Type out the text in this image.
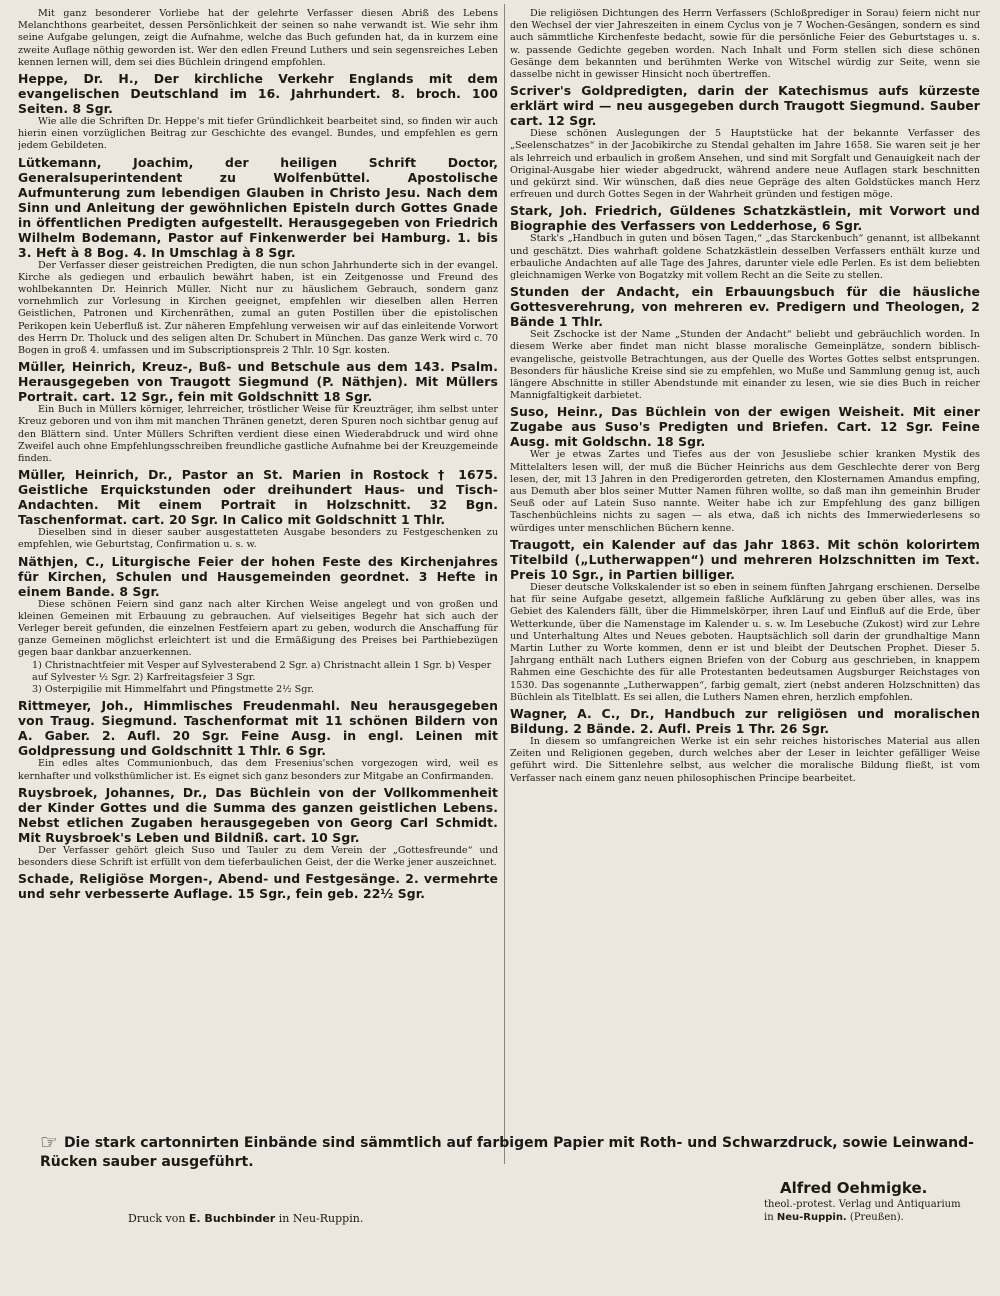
Mit ganz besonderer Vorliebe hat der gelehrte Verfasser diesen Abriß des Lebens Melanchthons gearbeitet, dessen Persönlichkeit der seinen so nahe verwandt ist. Wie sehr ihm seine Aufgabe gelungen, zeigt die Aufnahme, welche das Buch gefunden hat, da in kurzem eine zweite Auflage nöthig geworden ist. Wer den edlen Freund Luthers und sein segensreiches Leben kennen lernen will, dem sei dies Büchlein dringend empfohlen.

Heppe, Dr. H., Der kirchliche Verkehr Englands mit dem evangelischen Deutschland im 16. Jahrhundert. 8. broch. 100 Seiten. 8 Sgr.

Wie alle die Schriften Dr. Heppe's mit tiefer Gründlichkeit bearbeitet sind, so finden wir auch hierin einen vorzüglichen Beitrag zur Geschichte des evangel. Bundes, und empfehlen es gern jedem Gebildeten.

Lütkemann, Joachim, der heiligen Schrift Doctor, Generalsuperintendent zu Wolfenbüttel. Apostolische Aufmunterung zum lebendigen Glauben in Christo Jesu. Nach dem Sinn und Anleitung der gewöhnlichen Episteln durch Gottes Gnade in öffentlichen Predigten aufgestellt. Herausgegeben von Friedrich Wilhelm Bodemann, Pastor auf Finkenwerder bei Hamburg. 1. bis 3. Heft à 8 Bog. 4. In Umschlag à 8 Sgr.

Der Verfasser dieser geistreichen Predigten, die nun schon Jahrhunderte sich in der evangel. Kirche als gediegen und erbaulich bewährt haben, ist ein Zeitgenosse und Freund des wohlbekannten Dr. Heinrich Müller. Nicht nur zu häuslichem Gebrauch, sondern ganz vornehmlich zur Vorlesung in Kirchen geeignet, empfehlen wir dieselben allen Herren Geistlichen, Patronen und Kirchenräthen, zumal an guten Postillen über die epistolischen Perikopen kein Ueberfluß ist. Zur näheren Empfehlung verweisen wir auf das einleitende Vorwort des Herrn Dr. Tholuck und des seligen alten Dr. Schubert in München. Das ganze Werk wird c. 70 Bogen in groß 4. umfassen und im Subscriptionspreis 2 Thlr. 10 Sgr. kosten.

Müller, Heinrich, Kreuz-, Buß- und Betschule aus dem 143. Psalm. Herausgegeben von Traugott Siegmund (P. Näthjen). Mit Müllers Portrait. cart. 12 Sgr., fein mit Goldschnitt 18 Sgr.

Ein Buch in Müllers körniger, lehrreicher, tröstlicher Weise für Kreuzträger, ihm selbst unter Kreuz geboren und von ihm mit manchen Thränen genetzt, deren Spuren noch sichtbar genug auf den Blättern sind. Unter Müllers Schriften verdient diese einen Wiederabdruck und wird ohne Zweifel auch ohne Empfehlungsschreiben freundliche gastliche Aufnahme bei der Kreuzgemeinde finden.

Müller, Heinrich, Dr., Pastor an St. Marien in Rostock † 1675. Geistliche Erquickstunden oder dreihundert Haus- und Tisch-Andachten. Mit einem Portrait in Holzschnitt. 32 Bgn. Taschenformat. cart. 20 Sgr. In Calico mit Goldschnitt 1 Thlr.

Dieselben sind in dieser sauber ausgestatteten Ausgabe besonders zu Festgeschenken zu empfehlen, wie Geburtstag, Confirmation u. s. w.

Näthjen, C., Liturgische Feier der hohen Feste des Kirchenjahres für Kirchen, Schulen und Hausgemeinden geordnet. 3 Hefte in einem Bande. 8 Sgr.

Diese schönen Feiern sind ganz nach alter Kirchen Weise angelegt und von großen und kleinen Gemeinen mit Erbauung zu gebrauchen. Auf vielseitiges Begehr hat sich auch der Verleger bereit gefunden, die einzelnen Festfeiern apart zu geben, wodurch die Anschaffung für ganze Gemeinen möglichst erleichtert ist und die Ermäßigung des Preises bei Parthiebezügen gegen baar dankbar anzuerkennen.

1) Christnachtfeier mit Vesper auf Sylvesterabend 2 Sgr. a) Christnacht allein 1 Sgr. b) Vesper auf Sylvester ½ Sgr. 2) Karfreitagsfeier 3 Sgr.

3) Osterpigilie mit Himmelfahrt und Pfingstmette 2½ Sgr.

Rittmeyer, Joh., Himmlisches Freudenmahl. Neu herausgegeben von Traug. Siegmund. Taschenformat mit 11 schönen Bildern von A. Gaber. 2. Aufl. 20 Sgr. Feine Ausg. in engl. Leinen mit Goldpressung und Goldschnitt 1 Thlr. 6 Sgr.

Ein edles altes Communionbuch, das dem Fresenius'schen vorgezogen wird, weil es kernhafter und volksthümlicher ist. Es eignet sich ganz besonders zur Mitgabe an Confirmanden.

Ruysbroek, Johannes, Dr., Das Büchlein von der Vollkommenheit der Kinder Gottes und die Summa des ganzen geistlichen Lebens. Nebst etlichen Zugaben herausgegeben von Georg Carl Schmidt. Mit Ruysbroek's Leben und Bildniß. cart. 10 Sgr.

Der Verfasser gehört gleich Suso und Tauler zu dem Verein der „Gottesfreunde“ und besonders diese Schrift ist erfüllt von dem tieferbaulichen Geist, der die Werke jener auszeichnet.

Schade, Religiöse Morgen-, Abend- und Festgesänge. 2. vermehrte und sehr verbesserte Auflage. 15 Sgr., fein geb. 22½ Sgr.

Die religiösen Dichtungen des Herrn Verfassers (Schloßprediger in Sorau) feiern nicht nur den Wechsel der vier Jahreszeiten in einem Cyclus von je 7 Wochen-Gesängen, sondern es sind auch sämmtliche Kirchenfeste bedacht, sowie für die persönliche Feier des Geburtstages u. s. w. passende Gedichte gegeben worden. Nach Inhalt und Form stellen sich diese schönen Gesänge dem bekannten und berühmten Werke von Witschel würdig zur Seite, wenn sie dasselbe nicht in gewisser Hinsicht noch übertreffen.

Scriver's Goldpredigten, darin der Katechismus aufs kürzeste erklärt wird — neu ausgegeben durch Traugott Siegmund. Sauber cart. 12 Sgr.

Diese schönen Auslegungen der 5 Hauptstücke hat der bekannte Verfasser des „Seelenschatzes“ in der Jacobikirche zu Stendal gehalten im Jahre 1658. Sie waren seit je her als lehrreich und erbaulich in großem Ansehen, und sind mit Sorgfalt und Genauigkeit nach der Original-Ausgabe hier wieder abgedruckt, während andere neue Auflagen stark beschnitten und gekürzt sind. Wir wünschen, daß dies neue Gepräge des alten Goldstückes manch Herz erfreuen und durch Gottes Segen in der Wahrheit gründen und festigen möge.

Stark, Joh. Friedrich, Güldenes Schatzkästlein, mit Vorwort und Biographie des Verfassers von Ledderhose, 6 Sgr.

Stark's „Handbuch in guten und bösen Tagen,“ „das Starckenbuch“ genannt, ist allbekannt und geschätzt. Dies wahrhaft goldene Schatzkästlein desselben Verfassers enthält kurze und erbauliche Andachten auf alle Tage des Jahres, darunter viele edle Perlen. Es ist dem beliebten gleichnamigen Werke von Bogatzky mit vollem Recht an die Seite zu stellen.

Stunden der Andacht, ein Erbauungsbuch für die häusliche Gottesverehrung, von mehreren ev. Predigern und Theologen, 2 Bände 1 Thlr.

Seit Zschocke ist der Name „Stunden der Andacht“ beliebt und gebräuchlich worden. In diesem Werke aber findet man nicht blasse moralische Gemeinplätze, sondern biblisch-evangelische, geistvolle Betrachtungen, aus der Quelle des Wortes Gottes selbst entsprungen. Besonders für häusliche Kreise sind sie zu empfehlen, wo Muße und Sammlung genug ist, auch längere Abschnitte in stiller Abendstunde mit einander zu lesen, wie sie dies Buch in reicher Mannigfaltigkeit darbietet.

Suso, Heinr., Das Büchlein von der ewigen Weisheit. Mit einer Zugabe aus Suso's Predigten und Briefen. Cart. 12 Sgr. Feine Ausg. mit Goldschn. 18 Sgr.

Wer je etwas Zartes und Tiefes aus der von Jesusliebe schier kranken Mystik des Mittelalters lesen will, der muß die Bücher Heinrichs aus dem Geschlechte derer von Berg lesen, der, mit 13 Jahren in den Predigerorden getreten, den Klosternamen Amandus empfing, aus Demuth aber blos seiner Mutter Namen führen wollte, so daß man ihn gemeinhin Bruder Seuß oder auf Latein Suso nannte. Weiter habe ich zur Empfehlung des ganz billigen Taschenbüchleins nichts zu sagen — als etwa, daß ich nichts des Immerwiederlesens so würdiges unter menschlichen Büchern kenne.

Traugott, ein Kalender auf das Jahr 1863. Mit schön kolorirtem Titelbild („Lutherwappen“) und mehreren Holzschnitten im Text. Preis 10 Sgr., in Partien billiger.

Dieser deutsche Volkskalender ist so eben in seinem fünften Jahrgang erschienen. Derselbe hat für seine Aufgabe gesetzt, allgemein faßliche Aufklärung zu geben über alles, was ins Gebiet des Kalenders fällt, über die Himmelskörper, ihren Lauf und Einfluß auf die Erde, über Wetterkunde, über die Namenstage im Kalender u. s. w. Im Lesebuche (Zukost) wird zur Lehre und Unterhaltung Altes und Neues geboten. Hauptsächlich soll darin der grundhaltige Mann Martin Luther zu Worte kommen, denn er ist und bleibt der Deutschen Prophet. Dieser 5. Jahrgang enthält nach Luthers eignen Briefen von der Coburg aus geschrieben, in knappem Rahmen eine Geschichte des für alle Protestanten bedeutsamen Augsburger Reichstages von 1530. Das sogenannte „Lutherwappen“, farbig gemalt, ziert (nebst anderen Holzschnitten) das Büchlein als Titelblatt. Es sei allen, die Luthers Namen ehren, herzlich empfohlen.

Wagner, A. C., Dr., Handbuch zur religiösen und moralischen Bildung. 2 Bände. 2. Aufl. Preis 1 Thr. 26 Sgr.

In diesem so umfangreichen Werke ist ein sehr reiches historisches Material aus allen Zeiten und Religionen gegeben, durch welches aber der Leser in leichter gefälliger Weise geführt wird. Die Sittenlehre selbst, aus welcher die moralische Bildung fließt, ist vom Verfasser nach einem ganz neuen philosophischen Principe bearbeitet.

☞ Die stark cartonnirten Einbände sind sämmtlich auf farbigem Papier mit Roth- und Schwarzdruck, sowie Leinwand-Rücken sauber ausgeführt.
Druck von E. Buchbinder in Neu-Ruppin.
Alfred Oehmigke.
theol.-protest. Verlag und Antiquarium
in Neu-Ruppin. (Preußen).
